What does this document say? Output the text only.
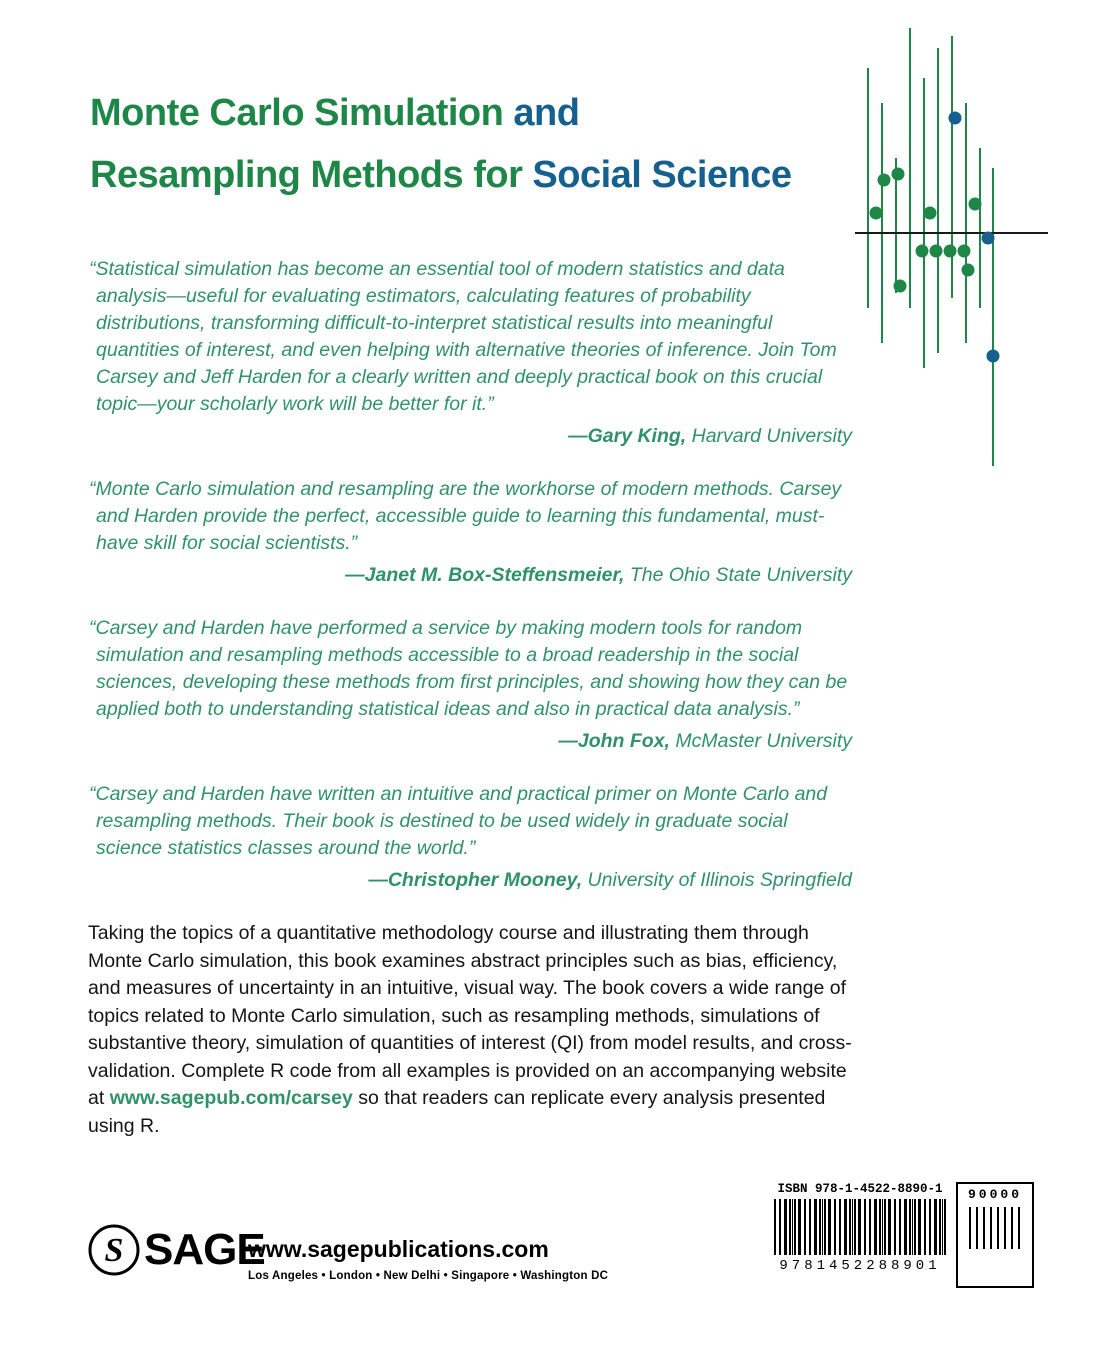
Monte Carlo Simulation and
Resampling Methods for Social Science
“Statistical simulation has become an essential tool of modern statistics and data analysis—useful for evaluating estimators, calculating features of probability distributions, transforming difficult-to-interpret statistical results into meaningful quantities of interest, and even helping with alternative theories of inference. Join Tom Carsey and Jeff Harden for a clearly written and deeply practical book on this crucial topic—your scholarly work will be better for it.”
—Gary King, Harvard University
“Monte Carlo simulation and resampling are the workhorse of modern methods. Carsey and Harden provide the perfect, accessible guide to learning this fundamental, must-have skill for social scientists.”
—Janet M. Box-Steffensmeier, The Ohio State University
“Carsey and Harden have performed a service by making modern tools for random simulation and resampling methods accessible to a broad readership in the social sciences, developing these methods from first principles, and showing how they can be applied both to understanding statistical ideas and also in practical data analysis.”
—John Fox, McMaster University
“Carsey and Harden have written an intuitive and practical primer on Monte Carlo and resampling methods. Their book is destined to be used widely in graduate social science statistics classes around the world.”
—Christopher Mooney, University of Illinois Springfield
Taking the topics of a quantitative methodology course and illustrating them through Monte Carlo simulation, this book examines abstract principles such as bias, efficiency, and measures of uncertainty in an intuitive, visual way. The book covers a wide range of topics related to Monte Carlo simulation, such as resampling methods, simulations of substantive theory, simulation of quantities of interest (QI) from model results, and cross-validation. Complete R code from all examples is provided on an accompanying website at www.sagepub.com/carsey so that readers can replicate every analysis presented using R.
S SAGE
www.sagepublications.com
Los Angeles • London • New Delhi • Singapore • Washington DC
ISBN 978-1-4522-8890-1
9781452288901
90000
